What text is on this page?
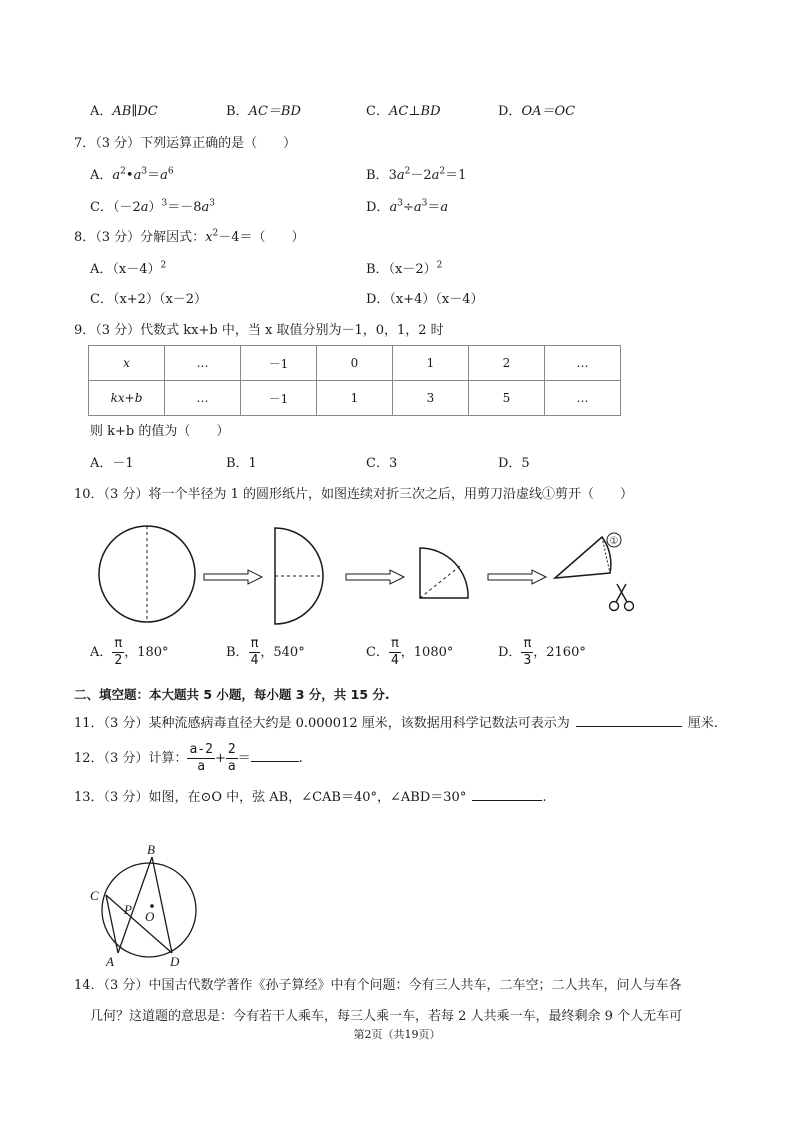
A．AB∥DC	B．AC＝BD	C．AC⊥BD	D．OA＝OC
7．（3 分）下列运算正确的是（　　）
A．$a^2•a^3=a^6$	B．$3a^2-2a^2=1$
C．$(-2a)^3=-8a^3$	D．$a^3\div a^3=a$
8．（3 分）分解因式：$x^2-4=$（　　）
A．$(x-4)^2$	B．$(x-2)^2$
C．（x+2）（x－2）	D．（x+4）（x－4）
9．（3 分）代数式 kx+b 中，当 x 取值分别为－1，0，1，2 时
x	…	－1	0	1	2	…
kx+b	…	－1	1	3	5	…
则 k+b 的值为（　　）
A．－1	B．1	C．3	D．5
10．（3 分）将一个半径为 1 的圆形纸片，如图连续对折三次之后，用剪刀沿虚线①剪开（　　）
①
A． $\frac{\pi}{2}$ ，180°	B． $\frac{\pi}{4}$ ，540°	C． $\frac{\pi}{4}$ ，1080°	D． $\frac{\pi}{3}$ ，2160°
二、填空题：本大题共 5 小题，每小题 3 分，共 15 分.
11．（3 分）某种流感病毒直径大约是 0.000012 厘米，该数据用科学记数法可表示为	厘米.
12．（3 分）计算： $\frac{a-2}{a} + \frac{2}{a}$ ＝	.
13．（3 分）如图，在⊙O 中，弦 AB，∠CAB＝40°，∠ABD＝30°	.
B
C
P O
A	D
14．（3 分）中国古代数学著作《孙子算经》中有个问题：今有三人共车，二车空；二人共车，问人与车各
几何？这道题的意思是：今有若干人乘车，每三人乘一车，若每 2 人共乘一车，最终剩余 9 个人无车可
第2页（共19页）
